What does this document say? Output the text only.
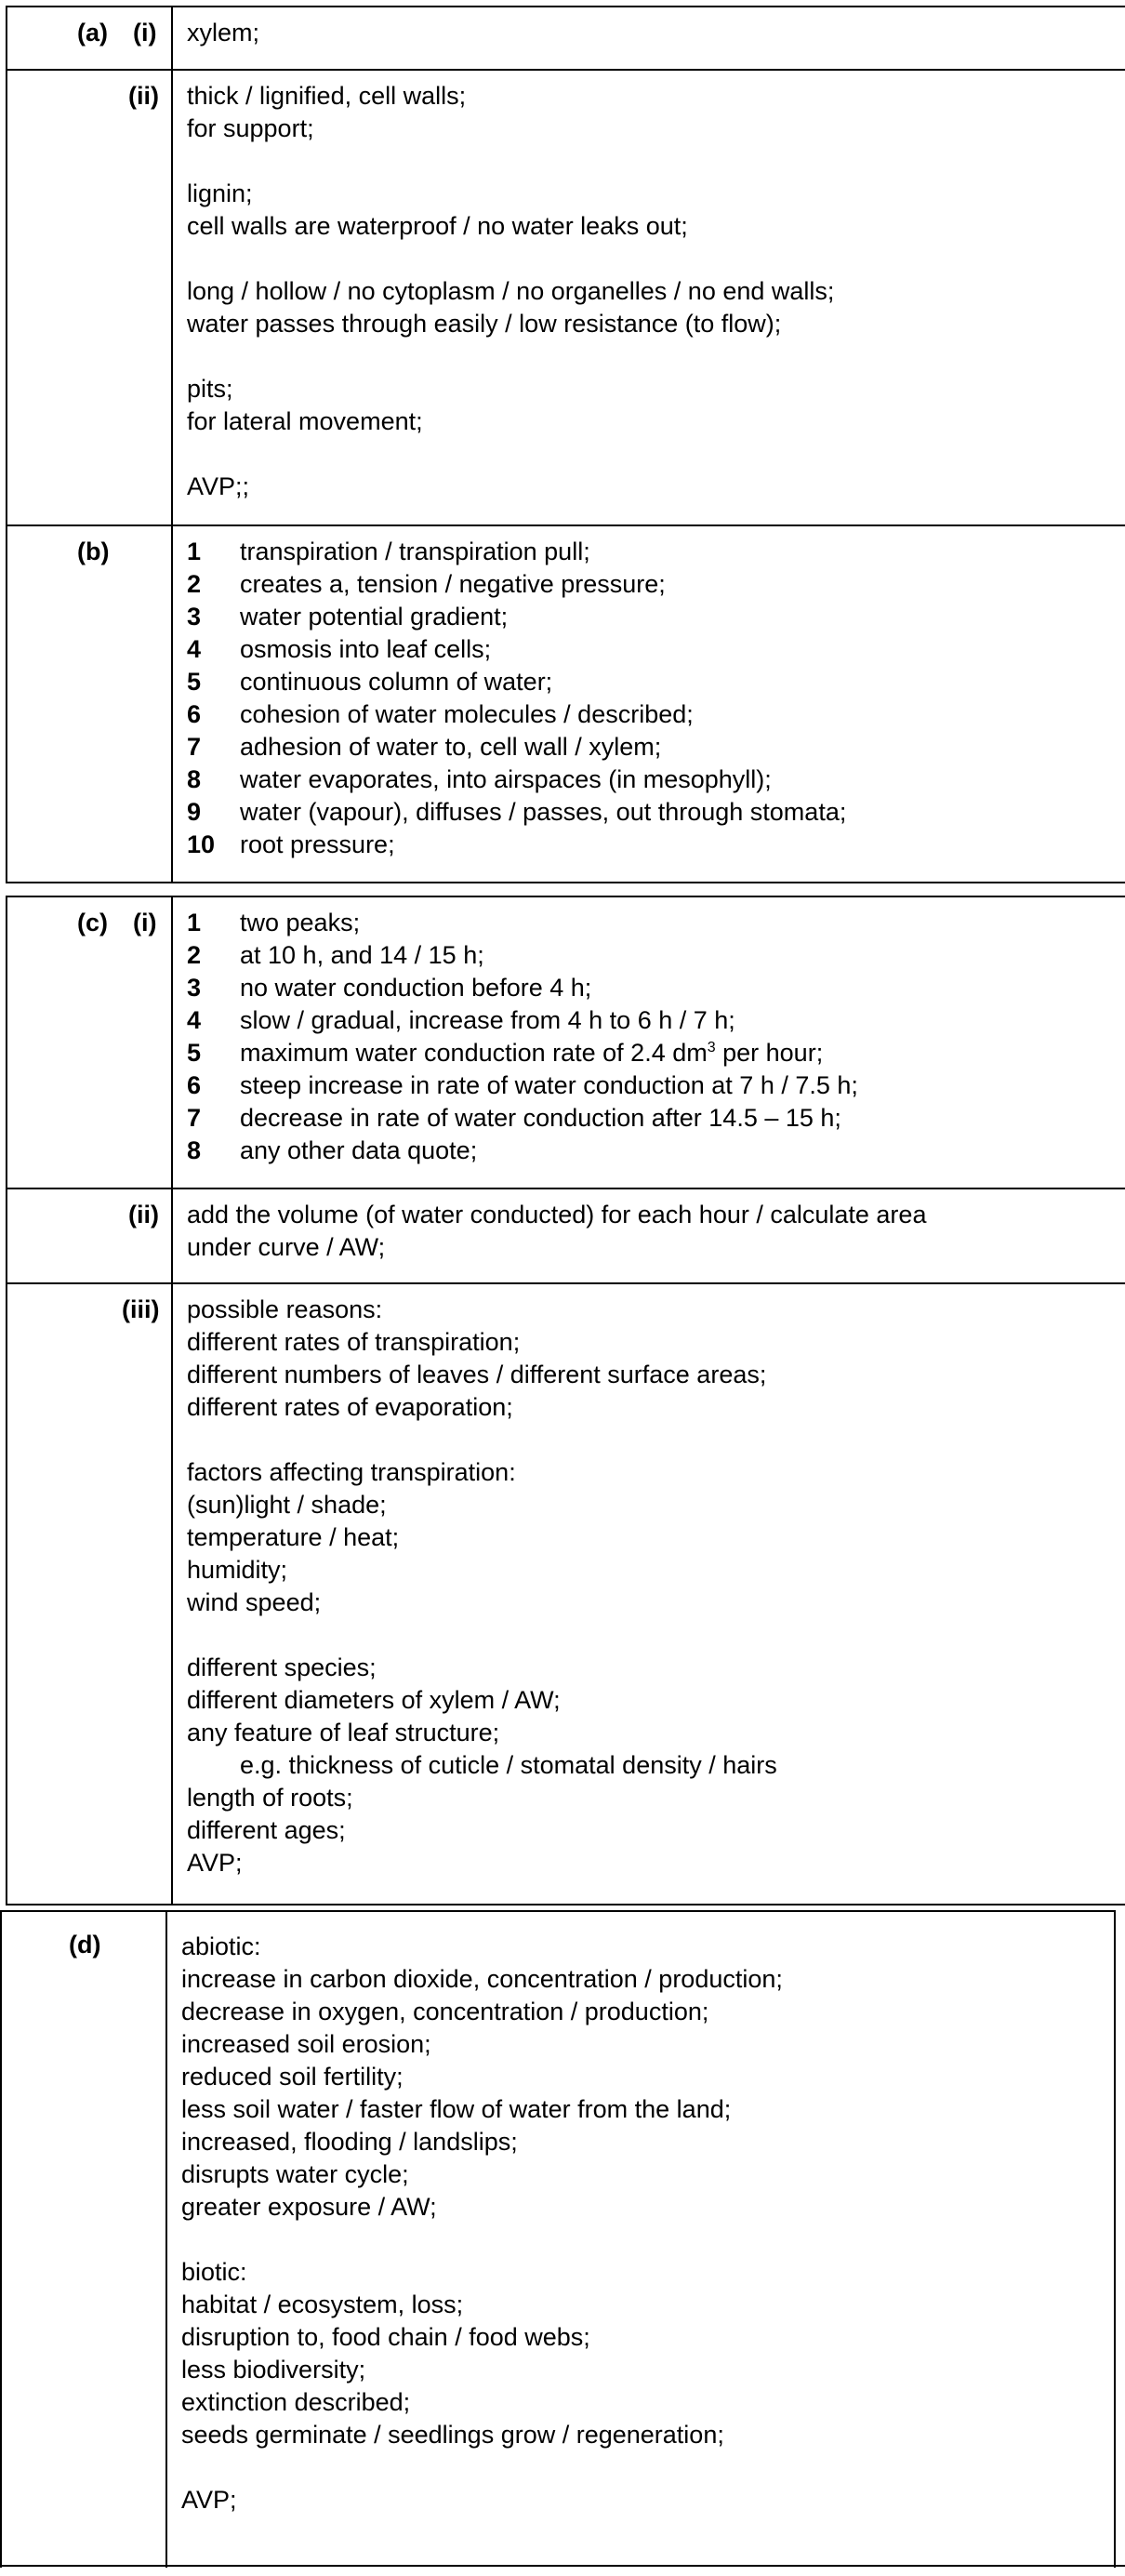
(a) (i) xylem;
(ii) thick / lignified, cell walls;
for support;
lignin;
cell walls are waterproof / no water leaks out;
long / hollow / no cytoplasm / no organelles / no end walls;
water passes through easily / low resistance (to flow);
pits;
for lateral movement;
AVP;;
(b)	1 transpiration / transpiration pull;
2 creates a, tension / negative pressure;
3 water potential gradient;
4 osmosis into leaf cells;
5 continuous column of water;
6 cohesion of water molecules / described;
7 adhesion of water to, cell wall / xylem;
8 water evaporates, into airspaces (in mesophyll);
9 water (vapour), diffuses / passes, out through stomata;
10 root pressure;
(c) (i) 1 two peaks;
2 at 10 h, and 14 / 15 h;
3 no water conduction before 4 h;
4 slow / gradual, increase from 4 h to 6 h / 7 h;
5 maximum water conduction rate of 2.4 $dm^3$ per hour;
6 steep increase in rate of water conduction at 7 h / 7.5 h;
7 decrease in rate of water conduction after 14.5 – 15 h;
8 any other data quote;
(ii) add the volume (of water conducted) for each hour / calculate area
under curve / AW;
(iii) possible reasons:
different rates of transpiration;
different numbers of leaves / different surface areas;
different rates of evaporation;
factors affecting transpiration:
(sun)light / shade;
temperature / heat;
humidity;
wind speed;
different species;
different diameters of xylem / AW;
any feature of leaf structure;
e.g. thickness of cuticle / stomatal density / hairs
length of roots;
different ages;
AVP;
(d)	abiotic:
increase in carbon dioxide, concentration / production;
decrease in oxygen, concentration / production;
increased soil erosion;
reduced soil fertility;
less soil water / faster flow of water from the land;
increased, flooding / landslips;
disrupts water cycle;
greater exposure / AW;
biotic:
habitat / ecosystem, loss;
disruption to, food chain / food webs;
less biodiversity;
extinction described;
seeds germinate / seedlings grow / regeneration;
AVP;
